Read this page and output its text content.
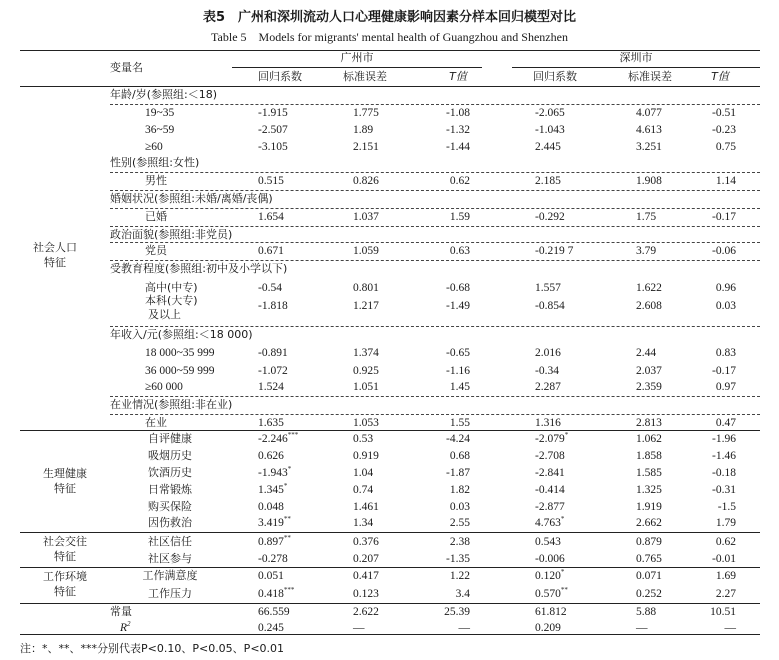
表5　广州和深圳流动人口心理健康影响因素分样本回归模型对比
Table 5　Models for migrants' mental health of Guangzhou and Shenzhen
变量名
广州市	深圳市
回归系数	标准误差	T值	回归系数	标准误差	T值
社会人口
特征
生理健康
特征
社会交往
特征
工作环境
特征
年龄/岁(参照组:＜18)
19~35	-1.915	1.775	-1.08	-2.065	4.077	-0.51
36~59	-2.507	1.89	-1.32	-1.043	4.613	-0.23
≥60	-3.105	2.151	-1.44	2.445	3.251	0.75
性别(参照组:女性)
男性	0.515	0.826	0.62	2.185	1.908	1.14
婚姻状况(参照组:未婚/离婚/丧偶)
已婚	1.654	1.037	1.59	-0.292	1.75	-0.17
政治面貌(参照组:非党员)
党员	0.671	1.059	0.63	-0.219 7	3.79	-0.06
受教育程度(参照组:初中及小学以下)
高中(中专)	-0.54	0.801	-0.68	1.557	1.622	0.96
本科(大专)
及以上
-1.818	1.217	-1.49	-0.854	2.608	0.03
年收入/元(参照组:＜18 000)
18 000~35 999	-0.891	1.374	-0.65	2.016	2.44	0.83
36 000~59 999	-1.072	0.925	-1.16	-0.34	2.037	-0.17
≥60 000	1.524	1.051	1.45	2.287	2.359	0.97
在业情况(参照组:非在业)
在业	1.635	1.053	1.55	1.316	2.813	0.47
自评健康	-2.246***	0.53	-4.24	-2.079*	1.062	-1.96
吸烟历史	0.626	0.919	0.68	-2.708	1.858	-1.46
饮酒历史	-1.943*	1.04	-1.87	-2.841	1.585	-0.18
日常锻炼	1.345*	0.74	1.82	-0.414	1.325	-0.31
购买保险	0.048	1.461	0.03	-2.877	1.919	-1.5
因伤救治	3.419**	1.34	2.55	4.763*	2.662	1.79
社区信任	0.897**	0.376	2.38	0.543	0.879	0.62
社区参与	-0.278	0.207	-1.35	-0.006	0.765	-0.01
工作满意度	0.051	0.417	1.22	0.120*	0.071	1.69
工作压力	0.418***	0.123	3.4	0.570**	0.252	2.27
常量	66.559	2.622	25.39	61.812	5.88	10.51
$R^2$	0.245	—	—	0.209	—	—
注：*、**、***分别代表P<0.10、P<0.05、P<0.01
